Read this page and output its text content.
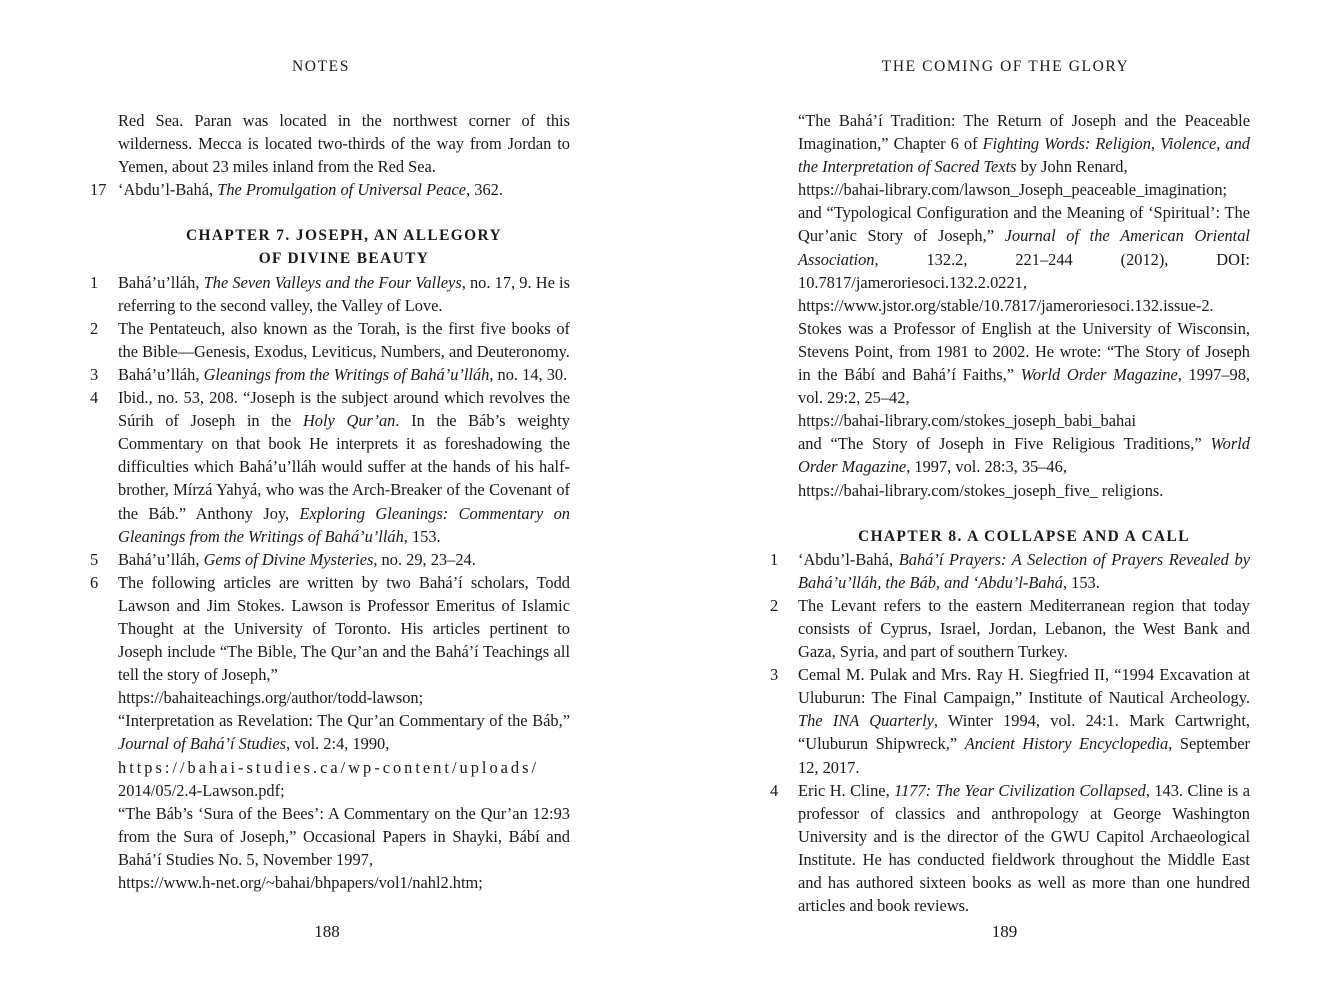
NOTES

Red Sea. Paran was located in the northwest corner of this wilderness. Mecca is located two-thirds of the way from Jordan to Yemen, about 23 miles inland from the Red Sea.

17 ‘Abdu’l-Bahá, The Promulgation of Universal Peace, 362.
CHAPTER 7. JOSEPH, AN ALLEGORY
OF DIVINE BEAUTY
1	Bahá’u’lláh, The Seven Valleys and the Four Valleys, no. 17, 9. He is referring to the second valley, the Valley of Love.
2	The Pentateuch, also known as the Torah, is the first five books of the Bible—Genesis, Exodus, Leviticus, Numbers, and Deuteronomy.
3	Bahá’u’lláh, Gleanings from the Writings of Bahá’u’lláh, no. 14, 30.
4	Ibid., no. 53, 208. “Joseph is the subject around which revolves the Súrih of Joseph in the Holy Qur’an. In the Báb’s weighty Commentary on that book He interprets it as foreshadowing the difficulties which Bahá’u’lláh would suffer at the hands of his half-brother, Mírzá Yahyá, who was the Arch-Breaker of the Covenant of the Báb.” Anthony Joy, Exploring Gleanings: Commentary on Gleanings from the Writings of Bahá’u’lláh, 153.
5	Bahá’u’lláh, Gems of Divine Mysteries, no. 29, 23–24.
6	The following articles are written by two Bahá’í scholars, Todd Lawson and Jim Stokes. Lawson is Professor Emeritus of Islamic Thought at the University of Toronto. His articles pertinent to Joseph include “The Bible, The Qur’an and the Bahá’í Teachings all tell the story of Joseph,”
https://bahaiteachings.org/author/todd-lawson;
“Interpretation as Revelation: The Qur’an Commentary of the Báb,” Journal of Bahá’í Studies, vol. 2:4, 1990,
https://bahai-studies.ca/wp-content/uploads/
2014/05/2.4-Lawson.pdf;
“The Báb’s ‘Sura of the Bees’: A Commentary on the Qur’an 12:93 from the Sura of Joseph,” Occasional Papers in Shayki, Bábí and Bahá’í Studies No. 5, November 1997,
https://www.h-net.org/~bahai/bhpapers/vol1/nahl2.htm;
188
THE COMING OF THE GLORY
“The Bahá’í Tradition: The Return of Joseph and the Peaceable Imagination,” Chapter 6 of Fighting Words: Religion, Violence, and the Interpretation of Sacred Texts by John Renard,
https://bahai-library.com/lawson_Joseph_peaceable_imagination;
and “Typological Configuration and the Meaning of ‘Spiritual’: The Qur’anic Story of Joseph,” Journal of the American Oriental Association, 132.2, 221–244 (2012), DOI: 10.7817/jameroriesoci.132.2.0221,
https://www.jstor.org/stable/10.7817/jameroriesoci.132.issue-2.
Stokes was a Professor of English at the University of Wisconsin, Stevens Point, from 1981 to 2002. He wrote: “The Story of Joseph in the Bábí and Bahá’í Faiths,” World Order Magazine, 1997–98, vol. 29:2, 25–42,
https://bahai-library.com/stokes_joseph_babi_bahai
and “The Story of Joseph in Five Religious Traditions,” World Order Magazine, 1997, vol. 28:3, 35–46,
https://bahai-library.com/stokes_joseph_five_ religions.
CHAPTER 8. A COLLAPSE AND A CALL
1	‘Abdu’l-Bahá, Bahá’í Prayers: A Selection of Prayers Revealed by Bahá’u’lláh, the Báb, and ‘Abdu’l-Bahá, 153.
2	The Levant refers to the eastern Mediterranean region that today consists of Cyprus, Israel, Jordan, Lebanon, the West Bank and Gaza, Syria, and part of southern Turkey.
3	Cemal M. Pulak and Mrs. Ray H. Siegfried II, “1994 Excavation at Uluburun: The Final Campaign,” Institute of Nautical Archeology. The INA Quarterly, Winter 1994, vol. 24:1. Mark Cartwright, “Uluburun Shipwreck,” Ancient History Encyclopedia, September 12, 2017.
4	Eric H. Cline, 1177: The Year Civilization Collapsed, 143. Cline is a professor of classics and anthropology at George Washington University and is the director of the GWU Capitol Archaeological Institute. He has conducted fieldwork throughout the Middle East and has authored sixteen books as well as more than one hundred articles and book reviews.
189
